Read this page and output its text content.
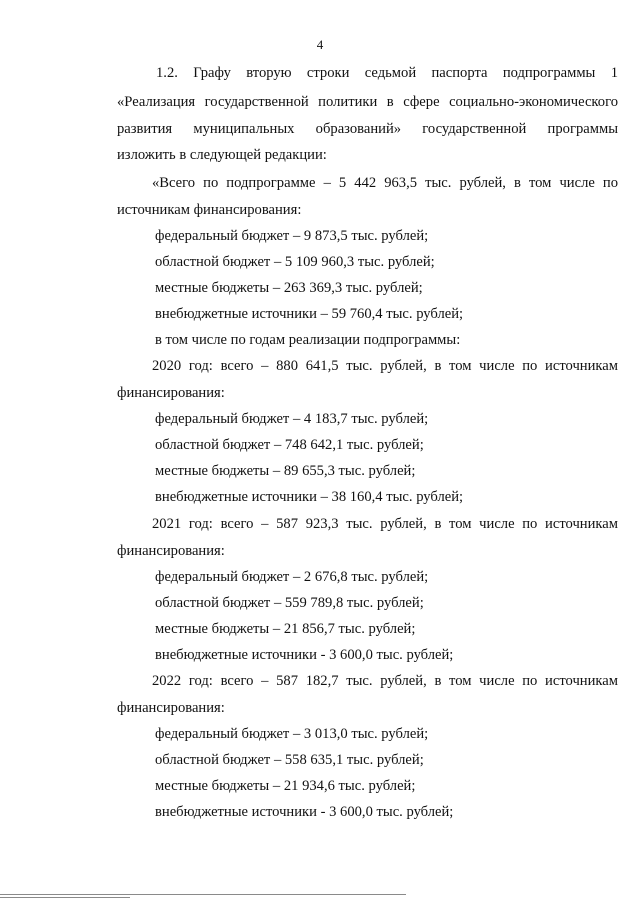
4
1.2. Графу вторую строки седьмой паспорта подпрограммы 1
«Реализация государственной политики в сфере социально-экономического
развития муниципальных образований» государственной программы
изложить в следующей редакции:
«Всего по подпрограмме – 5 442 963,5 тыс. рублей, в том числе по
источникам финансирования:
федеральный бюджет – 9 873,5 тыс. рублей;
областной бюджет – 5 109 960,3 тыс. рублей;
местные бюджеты – 263 369,3 тыс. рублей;
внебюджетные источники – 59 760,4 тыс. рублей;
в том числе по годам реализации подпрограммы:
2020 год: всего – 880 641,5 тыс. рублей, в том числе по источникам
финансирования:
федеральный бюджет – 4 183,7 тыс. рублей;
областной бюджет – 748 642,1 тыс. рублей;
местные бюджеты – 89 655,3 тыс. рублей;
внебюджетные источники – 38 160,4 тыс. рублей;
2021 год: всего – 587 923,3 тыс. рублей, в том числе по источникам
финансирования:
федеральный бюджет – 2 676,8 тыс. рублей;
областной бюджет – 559 789,8 тыс. рублей;
местные бюджеты – 21 856,7 тыс. рублей;
внебюджетные источники - 3 600,0 тыс. рублей;
2022 год: всего – 587 182,7 тыс. рублей, в том числе по источникам
финансирования:
федеральный бюджет – 3 013,0 тыс. рублей;
областной бюджет – 558 635,1 тыс. рублей;
местные бюджеты – 21 934,6 тыс. рублей;
внебюджетные источники - 3 600,0 тыс. рублей;
